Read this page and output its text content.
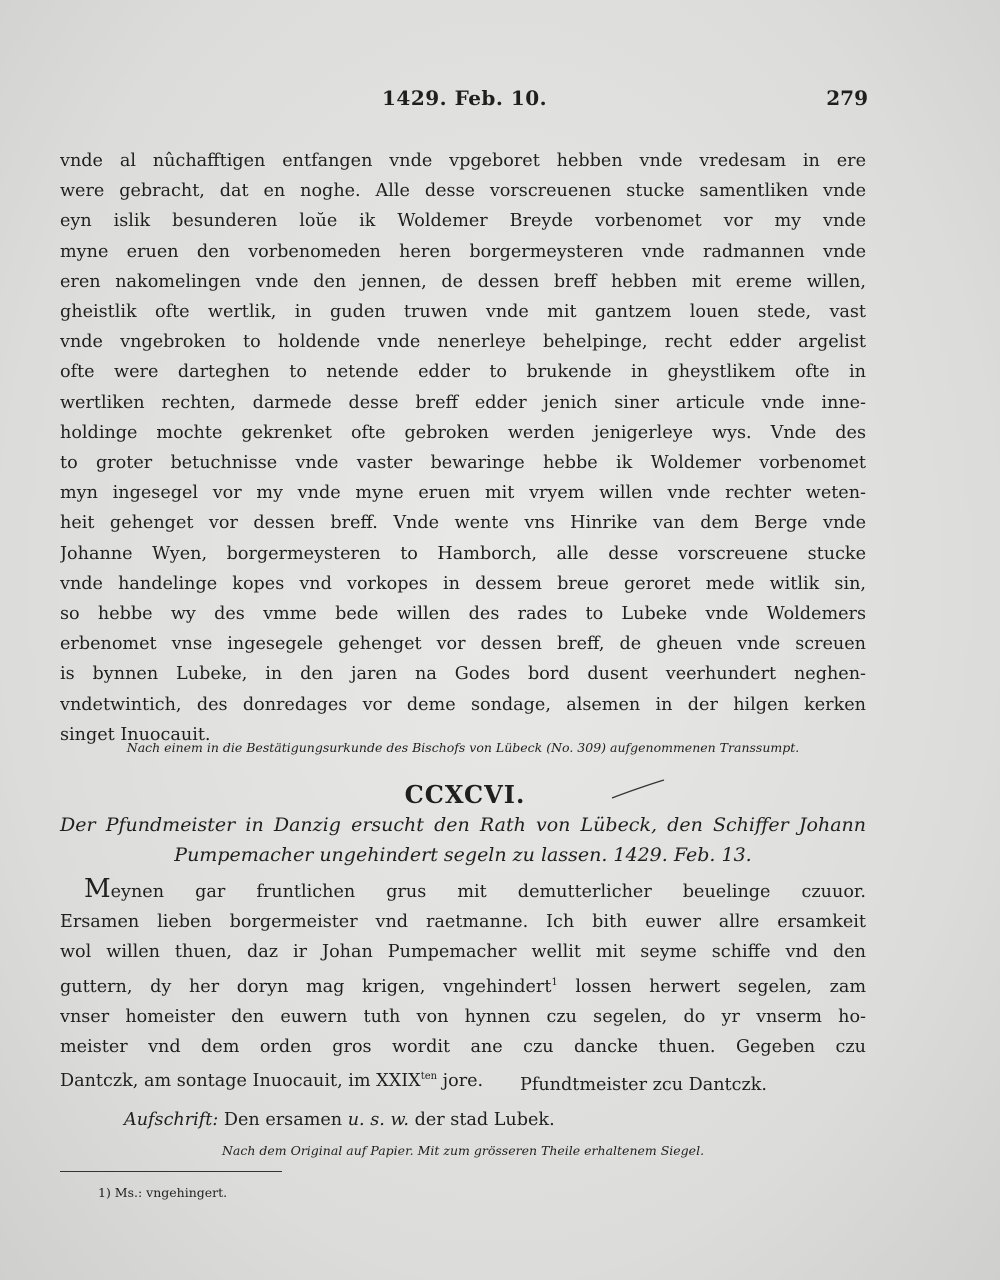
1429. Feb. 10.	279
vnde al nûchafftigen entfangen vnde vpgeboret hebben vnde vredesam in ere
were gebracht, dat en noghe. Alle desse vorscreuenen stucke samentliken vnde
eyn islik besunderen loŭe ik Woldemer Breyde vorbenomet vor my vnde
myne eruen den vorbenomeden heren borgermeysteren vnde radmannen vnde
eren nakomelingen vnde den jennen, de dessen breff hebben mit ereme willen,
gheistlik ofte wertlik, in guden truwen vnde mit gantzem louen stede, vast
vnde vngebroken to holdende vnde nenerleye behelpinge, recht edder argelist
ofte were darteghen to netende edder to brukende in gheystlikem ofte in
wertliken rechten, darmede desse breff edder jenich siner articule vnde inne-
holdinge mochte gekrenket ofte gebroken werden jenigerleye wys. Vnde des
to groter betuchnisse vnde vaster bewaringe hebbe ik Woldemer vorbenomet
myn ingesegel vor my vnde myne eruen mit vryem willen vnde rechter weten-
heit gehenget vor dessen breff. Vnde wente vns Hinrike van dem Berge vnde
Johanne Wyen, borgermeysteren to Hamborch, alle desse vorscreuene stucke
vnde handelinge kopes vnd vorkopes in dessem breue geroret mede witlik sin,
so hebbe wy des vmme bede willen des rades to Lubeke vnde Woldemers
erbenomet vnse ingesegele gehenget vor dessen breff, de gheuen vnde screuen
is bynnen Lubeke, in den jaren na Godes bord dusent veerhundert neghen-
vndetwintich, des donredages vor deme sondage, alsemen in der hilgen kerken
singet Inuocauit.
Nach einem in die Bestätigungsurkunde des Bischofs von Lübeck (No. 309) aufgenommenen Transsumpt.
CCXCVI.
Der Pfundmeister in Danzig ersucht den Rath von Lübeck, den Schiffer Johann
Pumpemacher ungehindert segeln zu lassen. 1429. Feb. 13.
Meynen gar fruntlichen grus mit demutterlicher beuelinge czuuor.
Ersamen lieben borgermeister vnd raetmanne. Ich bith euwer allre ersamkeit
wol willen thuen, daz ir Johan Pumpemacher wellit mit seyme schiffe vnd den
guttern, dy her doryn mag krigen, vngehindert$^1$ lossen herwert segelen, zam
vnser homeister den euwern tuth von hynnen czu segelen, do yr vnserm ho-
meister vnd dem orden gros wordit ane czu dancke thuen. Gegeben czu
Dantczk, am sontage Inuocauit, im $XXIX^{ten}$ jore.	Pfundtmeister zcu Dantczk.
Aufschrift: Den ersamen u. s. w. der stad Lubek.
Nach dem Original auf Papier. Mit zum grösseren Theile erhaltenem Siegel.
1) Ms.: vngehingert.
